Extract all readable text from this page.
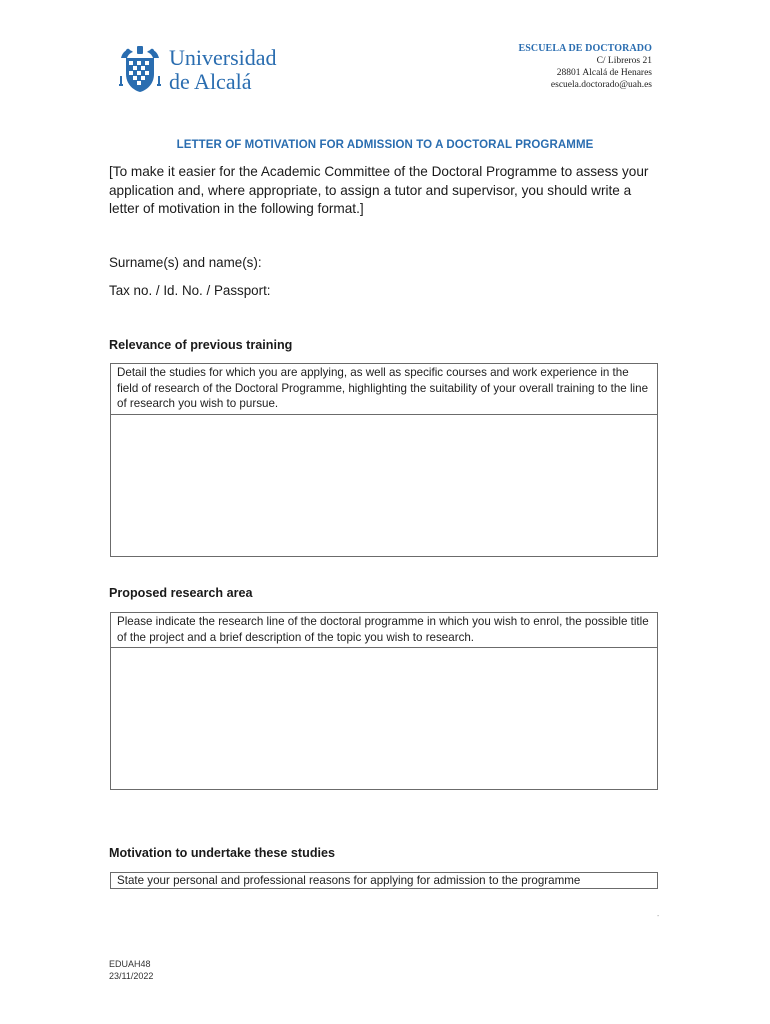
Universidad
de Alcalá
ESCUELA DE DOCTORADO
C/ Libreros 21
28801 Alcalá de Henares
escuela.doctorado@uah.es
LETTER OF MOTIVATION FOR ADMISSION TO A DOCTORAL PROGRAMME
[To make it easier for the Academic Committee of the Doctoral Programme to assess your application and, where appropriate, to assign a tutor and supervisor, you should write a letter of motivation in the following format.]
Surname(s) and name(s):
Tax no. / Id. No. / Passport:
Relevance of previous training
Detail the studies for which you are applying, as well as specific courses and work experience in the field of research of the Doctoral Programme, highlighting the suitability of your overall training to the line of research you wish to pursue.
Proposed research area
Please indicate the research line of the doctoral programme in which you wish to enrol, the possible title of the project and a brief description of the topic you wish to research.
Motivation to undertake these studies
State your personal and professional reasons for applying for admission to the programme
-
EDUAH48
23/11/2022
